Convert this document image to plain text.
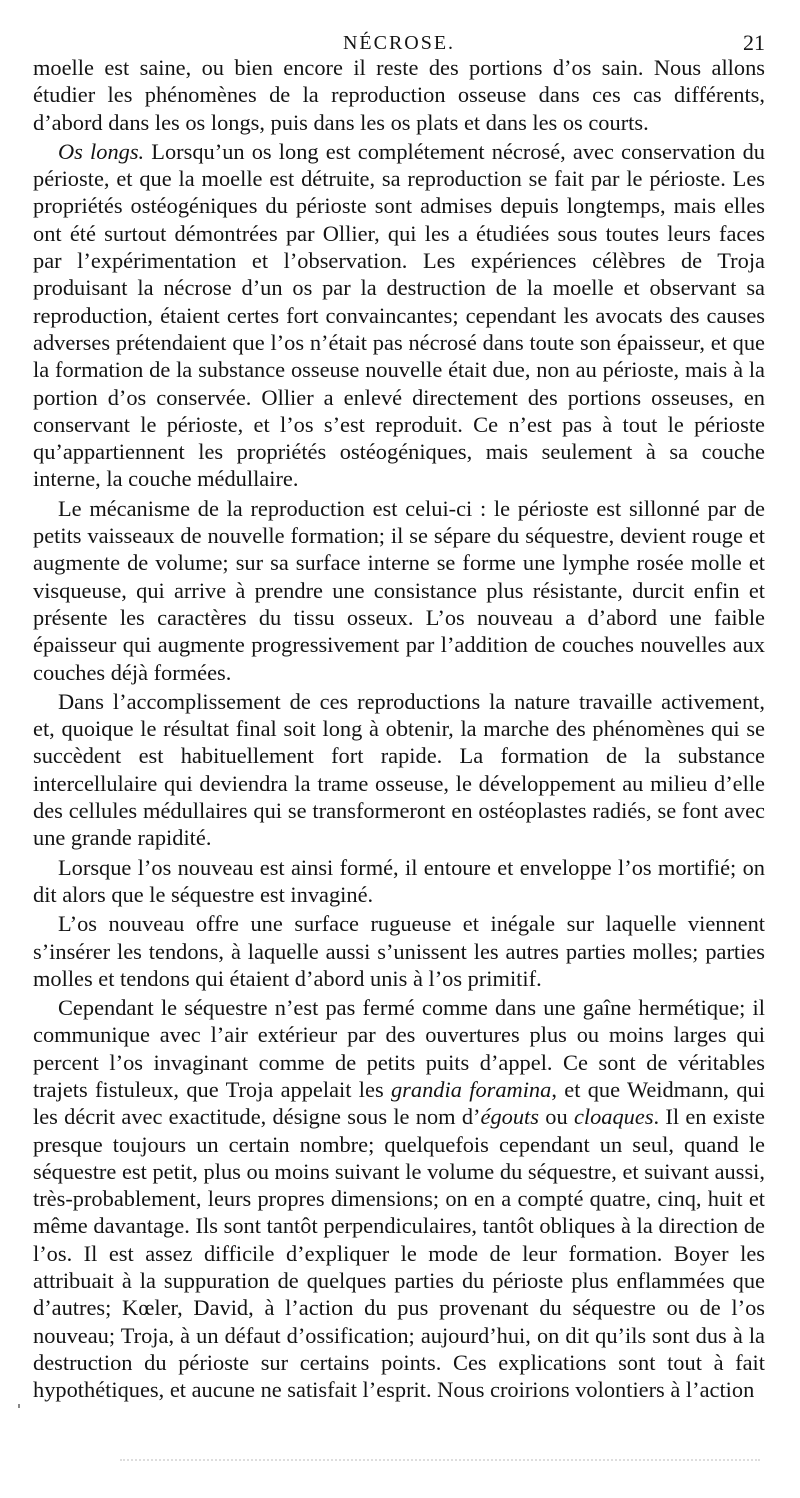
NÉCROSE.	21

moelle est saine, ou bien encore il reste des portions d’os sain. Nous allons étudier les phénomènes de la reproduction osseuse dans ces cas différents, d’abord dans les os longs, puis dans les os plats et dans les os courts.

Os longs. Lorsqu’un os long est complétement nécrosé, avec conservation du périoste, et que la moelle est détruite, sa reproduction se fait par le périoste. Les propriétés ostéogéniques du périoste sont admises depuis longtemps, mais elles ont été surtout démontrées par Ollier, qui les a étudiées sous toutes leurs faces par l’expérimentation et l’observation. Les expériences célèbres de Troja produisant la nécrose d’un os par la destruction de la moelle et observant sa reproduction, étaient certes fort convaincantes; cependant les avocats des causes adverses prétendaient que l’os n’était pas nécrosé dans toute son épaisseur, et que la formation de la substance osseuse nouvelle était due, non au périoste, mais à la portion d’os conservée. Ollier a enlevé directement des portions osseuses, en conservant le périoste, et l’os s’est reproduit. Ce n’est pas à tout le périoste qu’appartiennent les propriétés ostéogéniques, mais seulement à sa couche interne, la couche médullaire.

Le mécanisme de la reproduction est celui-ci : le périoste est sillonné par de petits vaisseaux de nouvelle formation; il se sépare du séquestre, devient rouge et augmente de volume; sur sa surface interne se forme une lymphe rosée molle et visqueuse, qui arrive à prendre une consistance plus résistante, durcit enfin et présente les caractères du tissu osseux. L’os nouveau a d’abord une faible épaisseur qui augmente progressivement par l’addition de couches nouvelles aux couches déjà formées.

Dans l’accomplissement de ces reproductions la nature travaille activement, et, quoique le résultat final soit long à obtenir, la marche des phénomènes qui se succèdent est habituellement fort rapide. La formation de la substance intercellulaire qui deviendra la trame osseuse, le développement au milieu d’elle des cellules médullaires qui se transformeront en ostéoplastes radiés, se font avec une grande rapidité.

Lorsque l’os nouveau est ainsi formé, il entoure et enveloppe l’os mortifié; on dit alors que le séquestre est invaginé.

L’os nouveau offre une surface rugueuse et inégale sur laquelle viennent s’insérer les tendons, à laquelle aussi s’unissent les autres parties molles; parties molles et tendons qui étaient d’abord unis à l’os primitif.

Cependant le séquestre n’est pas fermé comme dans une gaîne hermétique; il communique avec l’air extérieur par des ouvertures plus ou moins larges qui percent l’os invaginant comme de petits puits d’appel. Ce sont de véritables trajets fistuleux, que Troja appelait les grandia foramina, et que Weidmann, qui les décrit avec exactitude, désigne sous le nom d’égouts ou cloaques. Il en existe presque toujours un certain nombre; quelquefois cependant un seul, quand le séquestre est petit, plus ou moins suivant le volume du séquestre, et suivant aussi, très-probablement, leurs propres dimensions; on en a compté quatre, cinq, huit et même davantage. Ils sont tantôt perpendiculaires, tantôt obliques à la direction de l’os. Il est assez difficile d’expliquer le mode de leur formation. Boyer les attribuait à la suppuration de quelques parties du périoste plus enflammées que d’autres; Kœler, David, à l’action du pus provenant du séquestre ou de l’os nouveau; Troja, à un défaut d’ossification; aujourd’hui, on dit qu’ils sont dus à la destruction du périoste sur certains points. Ces explications sont tout à fait hypothétiques, et aucune ne satisfait l’esprit. Nous croirions volontiers à l’action
